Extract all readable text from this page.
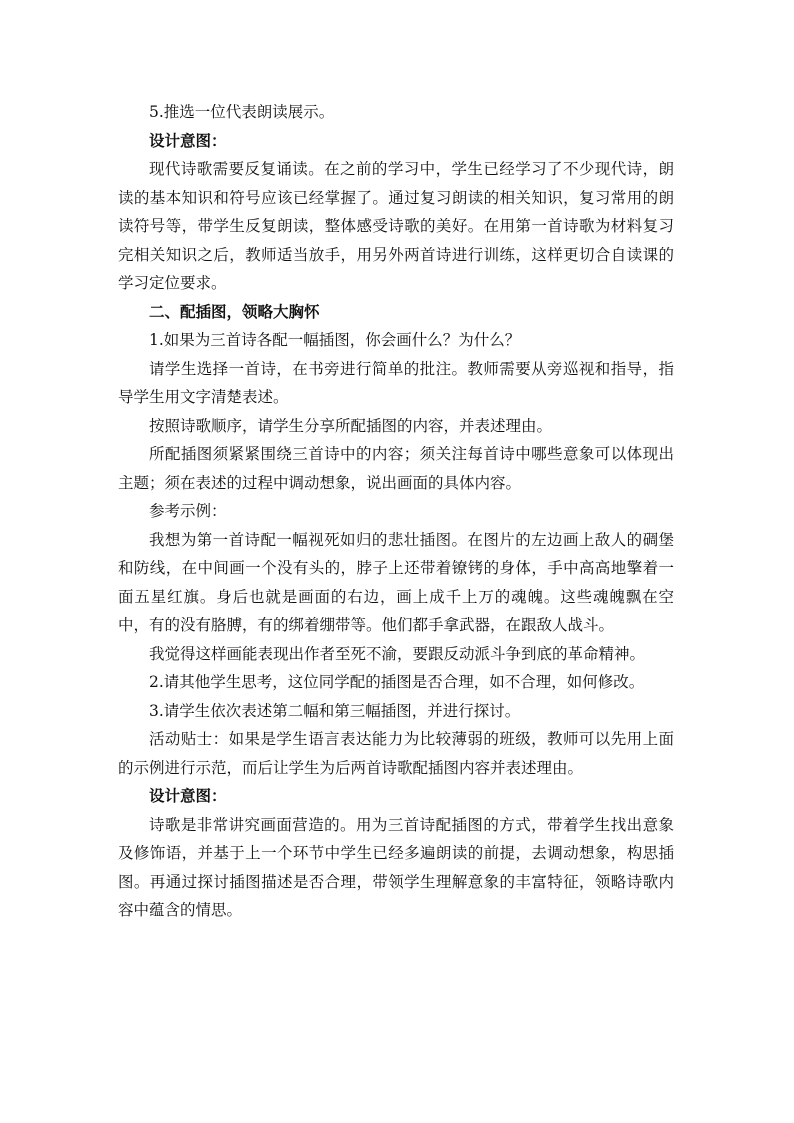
5.推选一位代表朗读展示。

设计意图：

现代诗歌需要反复诵读。在之前的学习中，学生已经学习了不少现代诗，朗读的基本知识和符号应该已经掌握了。通过复习朗读的相关知识，复习常用的朗读符号等，带学生反复朗读，整体感受诗歌的美好。在用第一首诗歌为材料复习完相关知识之后，教师适当放手，用另外两首诗进行训练，这样更切合自读课的学习定位要求。

二、配插图，领略大胸怀

1.如果为三首诗各配一幅插图，你会画什么？为什么？

请学生选择一首诗，在书旁进行简单的批注。教师需要从旁巡视和指导，指导学生用文字清楚表述。

按照诗歌顺序，请学生分享所配插图的内容，并表述理由。

所配插图须紧紧围绕三首诗中的内容；须关注每首诗中哪些意象可以体现出主题；须在表述的过程中调动想象，说出画面的具体内容。

参考示例：

我想为第一首诗配一幅视死如归的悲壮插图。在图片的左边画上敌人的碉堡和防线，在中间画一个没有头的，脖子上还带着镣铐的身体，手中高高地擎着一面五星红旗。身后也就是画面的右边，画上成千上万的魂魄。这些魂魄飘在空中，有的没有胳膊，有的绑着绷带等。他们都手拿武器，在跟敌人战斗。

我觉得这样画能表现出作者至死不渝，要跟反动派斗争到底的革命精神。

2.请其他学生思考，这位同学配的插图是否合理，如不合理，如何修改。

3.请学生依次表述第二幅和第三幅插图，并进行探讨。

活动贴士：如果是学生语言表达能力为比较薄弱的班级，教师可以先用上面的示例进行示范，而后让学生为后两首诗歌配插图内容并表述理由。

设计意图：

诗歌是非常讲究画面营造的。用为三首诗配插图的方式，带着学生找出意象及修饰语，并基于上一个环节中学生已经多遍朗读的前提，去调动想象，构思插图。再通过探讨插图描述是否合理，带领学生理解意象的丰富特征，领略诗歌内容中蕴含的情思。
